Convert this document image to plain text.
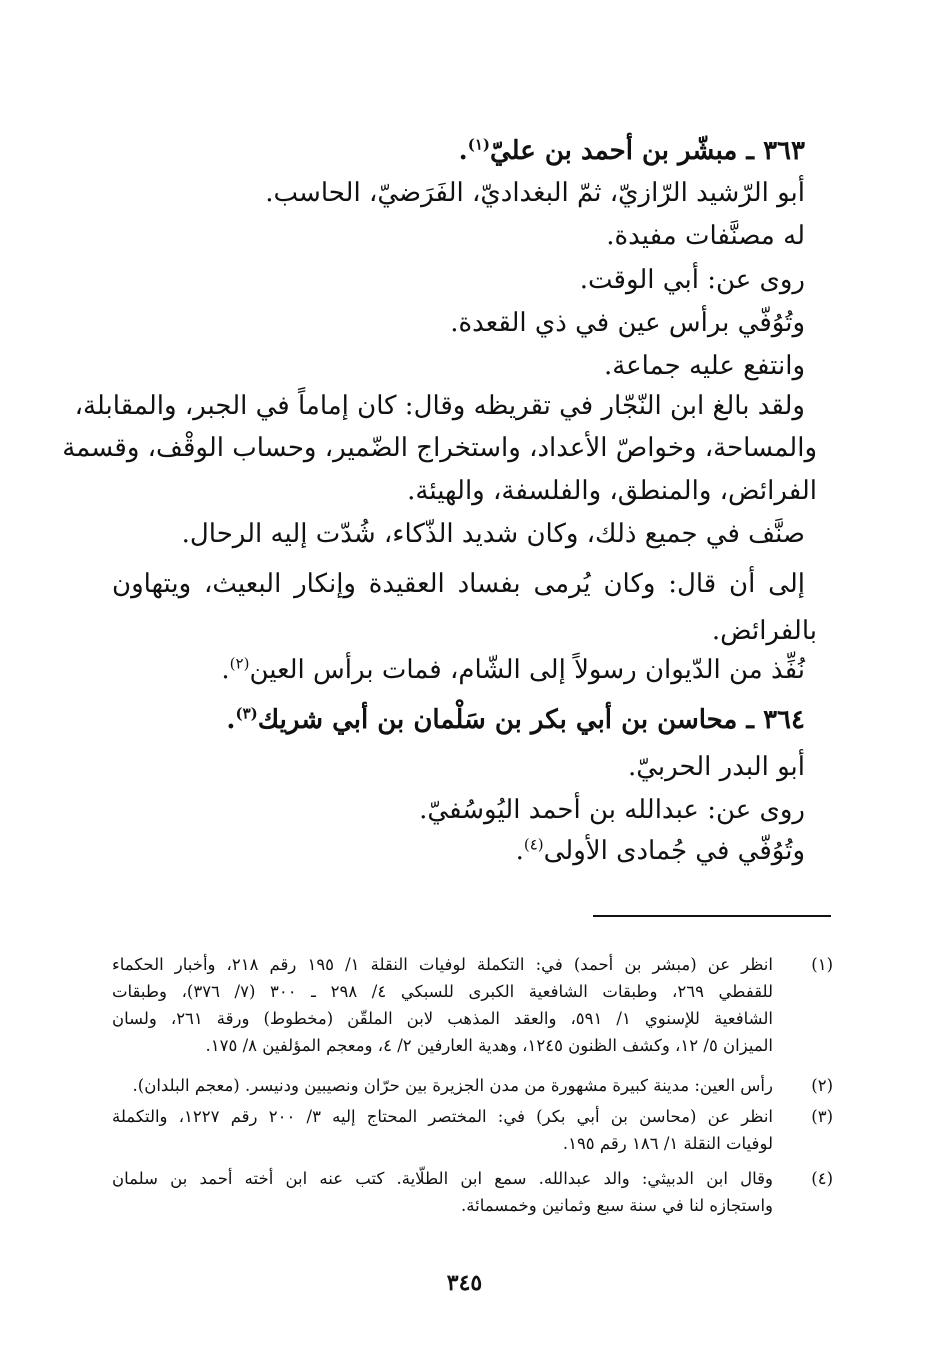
٣٦٣ ـ مبشّر بن أحمد بن عليّ$^{(١)}$.
أبو الرّشيد الرّازيّ، ثمّ البغداديّ، الفَرَضيّ، الحاسب.
له مصنَّفات مفيدة.
روى عن: أبي الوقت.
وتُوُفّي برأس عين في ذي القعدة.
وانتفع عليه جماعة.
ولقد بالغ ابن النّجّار في تقريظه وقال: كان إماماً في الجبر، والمقابلة،
والمساحة، وخواصّ الأعداد، واستخراج الضّمير، وحساب الوقْف، وقسمة
الفرائض، والمنطق، والفلسفة، والهيئة.
صنَّف في جميع ذلك، وكان شديد الذّكاء، شُدّت إليه الرحال.
إلى أن قال: وكان يُرمى بفساد العقيدة وإنكار البعيث، ويتهاون
بالفرائض.
نُفِّذ من الدّيوان رسولاً إلى الشّام، فمات برأس العين$^{(٢)}$.
٣٦٤ ـ محاسن بن أبي بكر بن سَلْمان بن أبي شريك$^{(٣)}$.
أبو البدر الحربيّ.
روى عن: عبدالله بن أحمد اليُوسُفيّ.
وتُوُفّي في جُمادى الأولى$^{(٤)}$.
(١)
انظر عن (مبشر بن أحمد) في: التكملة لوفيات النقلة ١/ ١٩٥ رقم ٢١٨، وأخبار الحكماء
للقفطي ٢٦٩، وطبقات الشافعية الكبرى للسبكي ٤/ ٢٩٨ ـ ٣٠٠ (٧/ ٣٧٦)، وطبقات
الشافعية للإسنوي ١/ ٥٩١، والعقد المذهب لابن الملقّن (مخطوط) ورقة ٢٦١، ولسان
الميزان ٥/ ١٢، وكشف الظنون ١٢٤٥، وهدية العارفين ٢/ ٤، ومعجم المؤلفين ٨/ ١٧٥.
(٢)
رأس العين: مدينة كبيرة مشهورة من مدن الجزيرة بين حرّان ونصيبين ودنيسر. (معجم البلدان).
(٣)
انظر عن (محاسن بن أبي بكر) في: المختصر المحتاج إليه ٣/ ٢٠٠ رقم ١٢٢٧، والتكملة
لوفيات النقلة ١/ ١٨٦ رقم ١٩٥.
(٤)
وقال ابن الدبيثي: والد عبدالله. سمع ابن الطلّاية. كتب عنه ابن أخته أحمد بن سلمان
واستجازه لنا في سنة سبع وثمانين وخمسمائة.
٣٤٥
